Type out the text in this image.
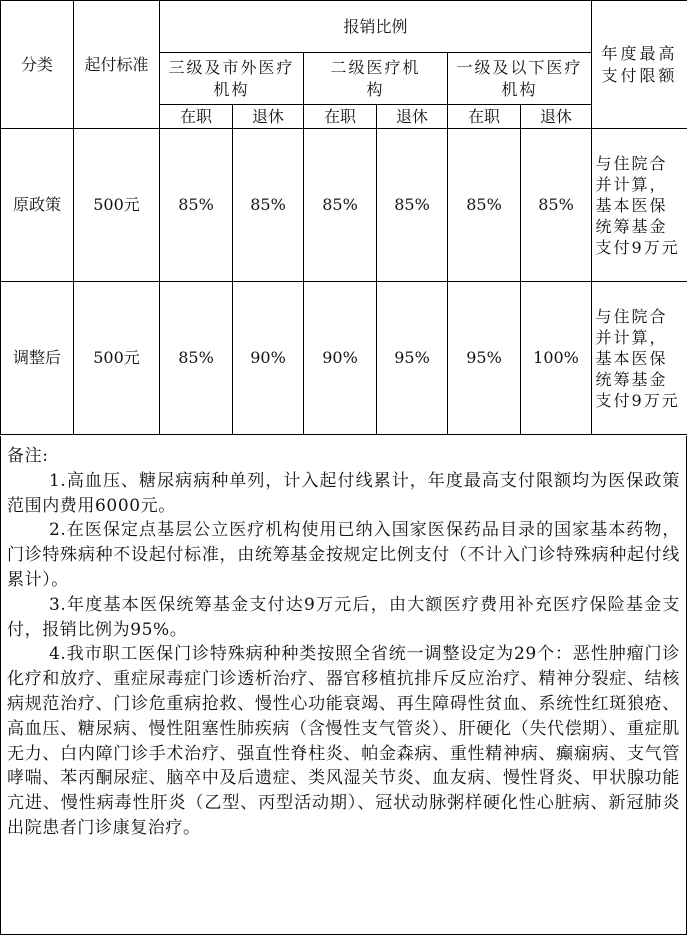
分类	起付标准	报销比例						年度最高支付限额

		三级及市外医疗机构		二级医疗机构		一级及以下医疗机构		

		在职	退休	在职	退休	在职	退休	
原政策	500元	85%	85%	85%	85%	85%	85%	与住院合并计算，基本医保统筹基金支付9万元

调整后	500元	85%	90%	90%	95%	95%	100%	与住院合并计算，基本医保统筹基金支付9万元

备注:

1.高血压、糖尿病病种单列，计入起付线累计，年度最高支付限额均为医保政策范围内费用6000元。

2.在医保定点基层公立医疗机构使用已纳入国家医保药品目录的国家基本药物，门诊特殊病种不设起付标准，由统筹基金按规定比例支付（不计入门诊特殊病种起付线累计）。

3.年度基本医保统筹基金支付达9万元后，由大额医疗费用补充医疗保险基金支付，报销比例为95%。

4.我市职工医保门诊特殊病种种类按照全省统一调整设定为29个：恶性肿瘤门诊化疗和放疗、重症尿毒症门诊透析治疗、器官移植抗排斥反应治疗、精神分裂症、结核病规范治疗、门诊危重病抢救、慢性心功能衰竭、再生障碍性贫血、系统性红斑狼疮、高血压、糖尿病、慢性阻塞性肺疾病（含慢性支气管炎）、肝硬化（失代偿期）、重症肌无力、白内障门诊手术治疗、强直性脊柱炎、帕金森病、重性精神病、癫痫病、支气管哮喘、苯丙酮尿症、脑卒中及后遗症、类风湿关节炎、血友病、慢性肾炎、甲状腺功能亢进、慢性病毒性肝炎（乙型、丙型活动期）、冠状动脉粥样硬化性心脏病、新冠肺炎出院患者门诊康复治疗。
